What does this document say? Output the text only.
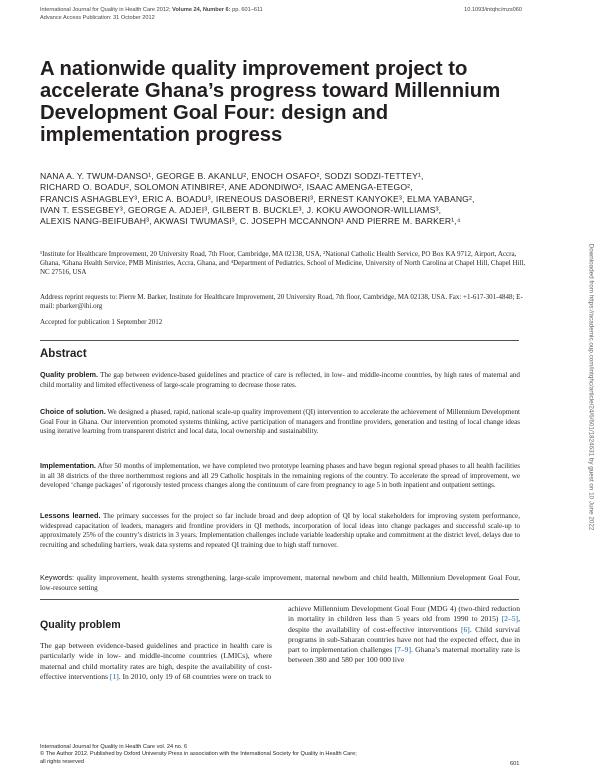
International Journal for Quality in Health Care 2012; Volume 24, Number 6: pp. 601–611
Advance Access Publication: 31 October 2012
10.1093/intqhc/mzs060
A nationwide quality improvement project to accelerate Ghana’s progress toward Millennium Development Goal Four: design and implementation progress
NANA A. Y. TWUM-DANSO¹, GEORGE B. AKANLU², ENOCH OSAFO², SODZI SODZI-TETTEY¹,
RICHARD O. BOADU², SOLOMON ATINBIRE², ANE ADONDIWO², ISAAC AMENGA-ETEGO²,
FRANCIS ASHAGBLEY³, ERIC A. BOADU³, IRENEOUS DASOBERI³, ERNEST KANYOKE³, ELMA YABANG²,
IVAN T. ESSEGBEY³, GEORGE A. ADJEI³, GILBERT B. BUCKLE³, J. KOKU AWOONOR-WILLIAMS³,
ALEXIS NANG-BEIFUBAH³, AKWASI TWUMASI³, C. JOSEPH MCCANNON¹ AND PIERRE M. BARKER¹,⁴
¹Institute for Healthcare Improvement, 20 University Road, 7th Floor, Cambridge, MA 02138, USA, ²National Catholic Health Service, PO Box KA 9712, Airport, Accra, Ghana, ³Ghana Health Service, PMB Ministries, Accra, Ghana, and ⁴Department of Pediatrics, School of Medicine, University of North Carolina at Chapel Hill, Chapel Hill, NC 27516, USA
Address reprint requests to: Pierre M. Barker, Institute for Healthcare Improvement, 20 University Road, 7th floor, Cambridge, MA 02138, USA. Fax: +1-617-301-4848; E-mail: pbarker@ihi.org
Accepted for publication 1 September 2012
Abstract

Quality problem. The gap between evidence-based guidelines and practice of care is reflected, in low- and middle-income countries, by high rates of maternal and child mortality and limited effectiveness of large-scale programing to decrease those rates.

Choice of solution. We designed a phased, rapid, national scale-up quality improvement (QI) intervention to accelerate the achievement of Millennium Development Goal Four in Ghana. Our intervention promoted systems thinking, active participation of managers and frontline providers, generation and testing of local change ideas using iterative learning from transparent district and local data, local ownership and sustainability.

Implementation. After 50 months of implementation, we have completed two prototype learning phases and have begun regional spread phases to all health facilities in all 38 districts of the three northernmost regions and all 29 Catholic hospitals in the remaining regions of the country. To accelerate the spread of improvement, we developed ‘change packages’ of rigorously tested process changes along the continuum of care from pregnancy to age 5 in both inpatient and outpatient settings.

Lessons learned. The primary successes for the project so far include broad and deep adoption of QI by local stakeholders for improving system performance, widespread capacitation of leaders, managers and frontline providers in QI methods, incorporation of local ideas into change packages and successful scale-up to approximately 25% of the country’s districts in 3 years. Implementation challenges include variable leadership uptake and commitment at the district level, delays due to recruiting and scheduling barriers, weak data systems and repeated QI training due to high staff turnover.

Keywords: quality improvement, health systems strengthening, large-scale improvement, maternal newborn and child health, Millennium Development Goal Four, low-resource setting

Quality problem

The gap between evidence-based guidelines and practice in health care is particularly wide in low- and middle-income countries (LMICs), where maternal and child mortality rates are high, despite the availability of cost-effective interventions [1]. In 2010, only 19 of 68 countries were on track to

achieve Millennium Development Goal Four (MDG 4) (two-third reduction in mortality in children less than 5 years old from 1990 to 2015) [2–5], despite the availability of cost-effective interventions [6]. Child survival programs in sub-Saharan countries have not had the expected effect, due in part to implementation challenges [7–9]. Ghana’s maternal mortality rate is between 380 and 580 per 100 000 live

International Journal for Quality in Health Care vol. 24 no. 6
© The Author 2012. Published by Oxford University Press in association with the International Society for Quality in Health Care;
all rights reserved	601
Downloaded from https://academic.oup.com/intqhc/article/24/6/601/1824631 by guest on 10 June 2022
